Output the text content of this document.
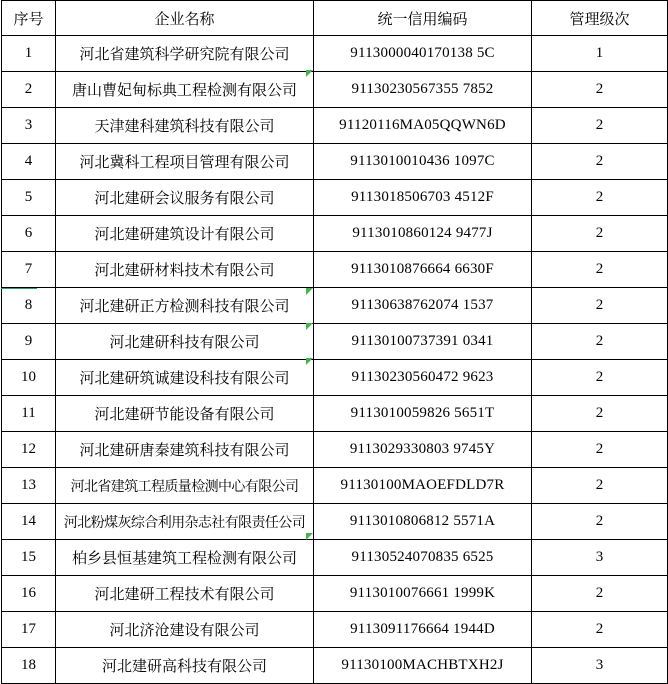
序号	企业名称	统一信用编码	管理级次
1	河北省建筑科学研究院有限公司	9113000040170138 5C	1
2	唐山曹妃甸标典工程检测有限公司	91130230567355 7852	2
3	天津建科建筑科技有限公司	91120116MA05QQWN6D	2
4	河北冀科工程项目管理有限公司	9113010010436 1097C	2
5	河北建研会议服务有限公司	9113018506703 4512F	2
6	河北建研建筑设计有限公司	9113010860124 9477J	2
7	河北建研材料技术有限公司	9113010876664 6630F	2
8	河北建研正方检测科技有限公司	91130638762074 1537	2
9	河北建研科技有限公司	91130100737391 0341	2
10	河北建研筑诚建设科技有限公司	91130230560472 9623	2
11	河北建研节能设备有限公司	9113010059826 5651T	2
12	河北建研唐秦建筑科技有限公司	9113029330803 9745Y	2
13	河北省建筑工程质量检测中心有限公司	91130100MAOEFDLD7R	2
14	河北粉煤灰综合利用杂志社有限责任公司	9113010806812 5571A	2
15	柏乡县恒基建筑工程检测有限公司	91130524070835 6525	3
16	河北建研工程技术有限公司	9113010076661 1999K	2
17	河北济沧建设有限公司	9113091176664 1944D	2
18	河北建研高科技有限公司	91130100MACHBTXH2J	3
